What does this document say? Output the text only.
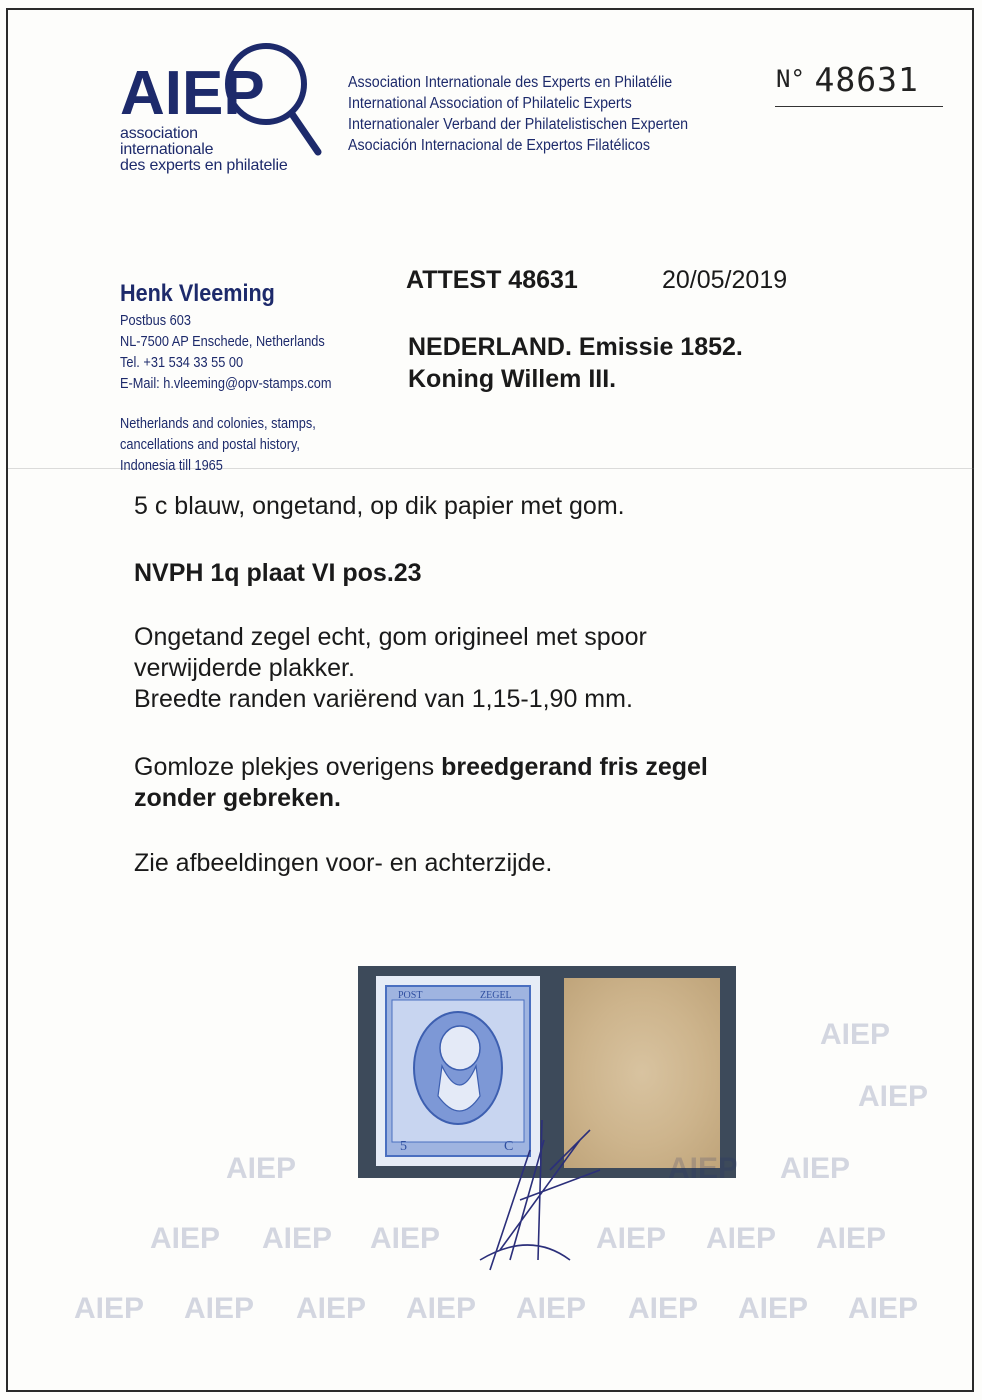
AIEP
association
internationale
des experts en philatelie
Association Internationale des Experts en Philatélie
International Association of Philatelic Experts
Internationaler Verband der Philatelistischen Experten
Asociación Internacional de Expertos Filatélicos
N° 48631
Henk Vleeming
Postbus 603
NL-7500 AP Enschede, Netherlands
Tel. +31 534 33 55 00
E-Mail: h.vleeming@opv-stamps.com
Netherlands and colonies, stamps,
cancellations and postal history,
Indonesia till 1965
ATTEST 48631	20/05/2019
NEDERLAND. Emissie 1852.
Koning Willem III.
5 c blauw, ongetand, op dik papier met gom.
NVPH 1q plaat VI pos.23
Ongetand zegel echt, gom origineel met spoor
verwijderde plakker.
Breedte randen variërend van 1,15-1,90 mm.
Gomloze plekjes overigens breedgerand fris zegel
zonder gebreken.
Zie afbeeldingen voor- en achterzijde.
POST	ZEGEL
5	C
AIEP
AIEP
AIEP	AIEP AIEP
AIEP AIEP AIEP	AIEP AIEP AIEP
AIEP AIEP AIEP AIEP AIEP AIEP AIEP AIEP
